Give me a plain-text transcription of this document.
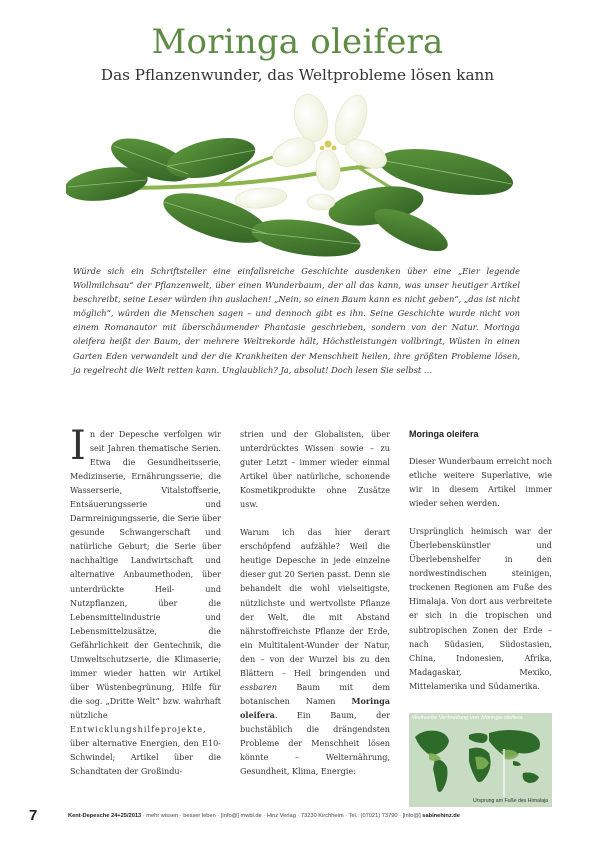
Moringa oleifera
Das Pflanzenwunder, das Weltprobleme lösen kann

Würde sich ein Schriftsteller eine einfallsreiche Geschichte ausdenken über eine „Eier legende Wollmilchsau“ der Pflanzenwelt, über einen Wunderbaum, der all das kann, was unser heutiger Artikel beschreibt, seine Leser würden ihn auslachen! „Nein, so einen Baum kann es nicht geben“, „das ist nicht möglich“, würden die Menschen sagen – und dennoch gibt es ihn. Seine Geschichte wurde nicht von einem Romanautor mit überschäumender Phantasie geschrieben, sondern von der Natur. Moringa oleifera heißt der Baum, der mehrere Weltrekorde hält, Höchstleistungen vollbringt, Wüsten in einen Garten Eden verwandelt und der die Krankheiten der Menschheit heilen, ihre größten Probleme lösen, ja regelrecht die Welt retten kann. Unglaublich? Ja, absolut! Doch lesen Sie selbst …

I n der Depesche verfolgen wir seit Jahren thematische Serien. Etwa die Gesundheitsserie, Medizinserie, Ernährungsserie, die Wasserserie, Vitalstoffserie, Entsäuerungsserie und Darmreinigungsserie, die Serie über gesunde Schwangerschaft und natürliche Geburt; die Serie über nachhaltige Landwirtschaft und alternative Anbaumethoden, über unterdrückte Heil- und Nutzpflanzen, über die Lebensmittelindustrie und Lebensmittelzusätze, die Gefährlichkeit der Gentechnik, die Umweltschutzserie, die Klimaserie; immer wieder hatten wir Artikel über Wüstenbegrünung, Hilfe für die sog. „Dritte Welt“ bzw. wahrhaft nützliche Entwicklungshilfeprojekte, über alternative Energien, den E10-Schwindel; Artikel über die Schandtaten der Großindu-

strien und der Globalisten, über unterdrücktes Wissen sowie – zu guter Letzt – immer wieder einmal Artikel über natürliche, schonende Kosmetikprodukte ohne Zusätze usw.

Warum ich das hier derart erschöpfend aufzähle? Weil die heutige Depesche in jede einzelne dieser gut 20 Serien passt. Denn sie behandelt die wohl vielseitigste, nützlichste und wertvollste Pflanze der Welt, die mit Abstand nährstoffreichste Pflanze der Erde, ein Multitalent-Wunder der Natur, den – von der Wurzel bis zu den Blättern – Heil bringenden und essbaren Baum mit dem botanischen Namen Moringa oleifera. Ein Baum, der buchstäblich die drängendsten Probleme der Menschheit lösen könnte – Welternährung, Gesundheit, Klima, Energie:

Moringa oleifera

Dieser Wunderbaum erreicht noch etliche weitere Superlative, wie wir in diesem Artikel immer wieder sehen werden.

Ursprünglich heimisch war der Überlebenskünstler und Überlebenshelfer in den nordwestindischen steinigen, trockenen Regionen am Fuße des Himalaja. Von dort aus verbreitete er sich in die tropischen und subtropischen Zonen der Erde – nach Südasien, Südostasien, China, Indonesien, Afrika, Madagaskar, Mexiko, Mittelamerika und Südamerika.

Weltweite Verbreitung von Moringa oleifera
Ursprung am Fuße des Himalaja
7	Kent-Depesche 24+25/2013 · mehr wissen · besser leben · [info@] mwbl.de · Hinz Verlag · 73230 Kirchheim · Tel.: (07021) 73790 · [info@] sabinehinz.de
